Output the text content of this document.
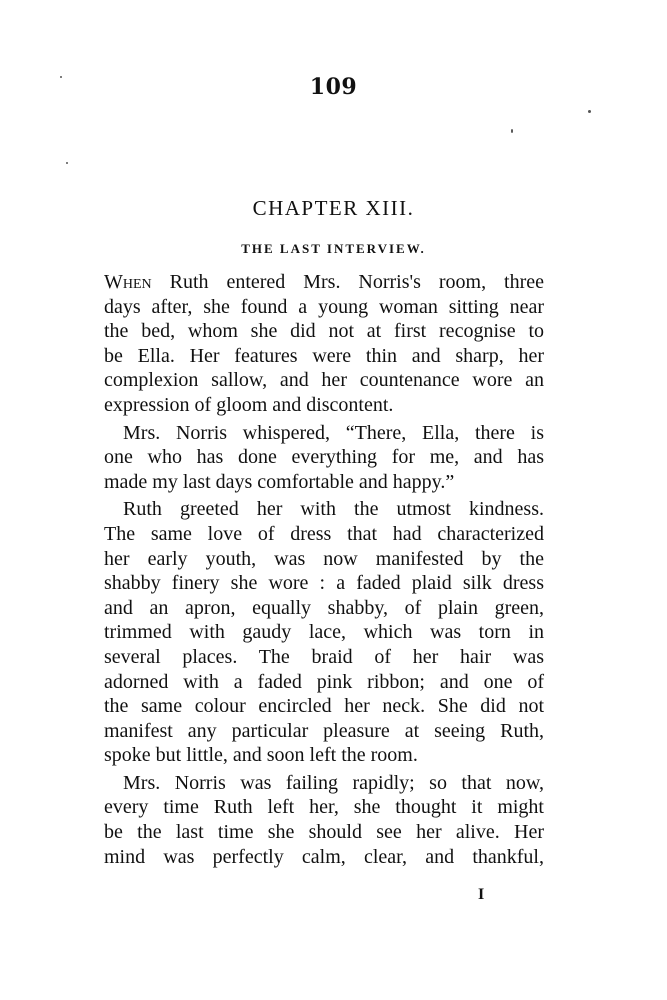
109
CHAPTER XIII.
THE LAST INTERVIEW.
When Ruth entered Mrs. Norris's room, three
days after, she found a young woman sitting near
the bed, whom she did not at first recognise to
be Ella. Her features were thin and sharp, her
complexion sallow, and her countenance wore an
expression of gloom and discontent.
Mrs. Norris whispered, “There, Ella, there is
one who has done everything for me, and has
made my last days comfortable and happy.”
Ruth greeted her with the utmost kindness.
The same love of dress that had characterized
her early youth, was now manifested by the
shabby finery she wore : a faded plaid silk dress
and an apron, equally shabby, of plain green,
trimmed with gaudy lace, which was torn in
several places. The braid of her hair was
adorned with a faded pink ribbon; and one of
the same colour encircled her neck. She did not
manifest any particular pleasure at seeing Ruth,
spoke but little, and soon left the room.
Mrs. Norris was failing rapidly; so that now,
every time Ruth left her, she thought it might
be the last time she should see her alive. Her
mind was perfectly calm, clear, and thankful,
I
